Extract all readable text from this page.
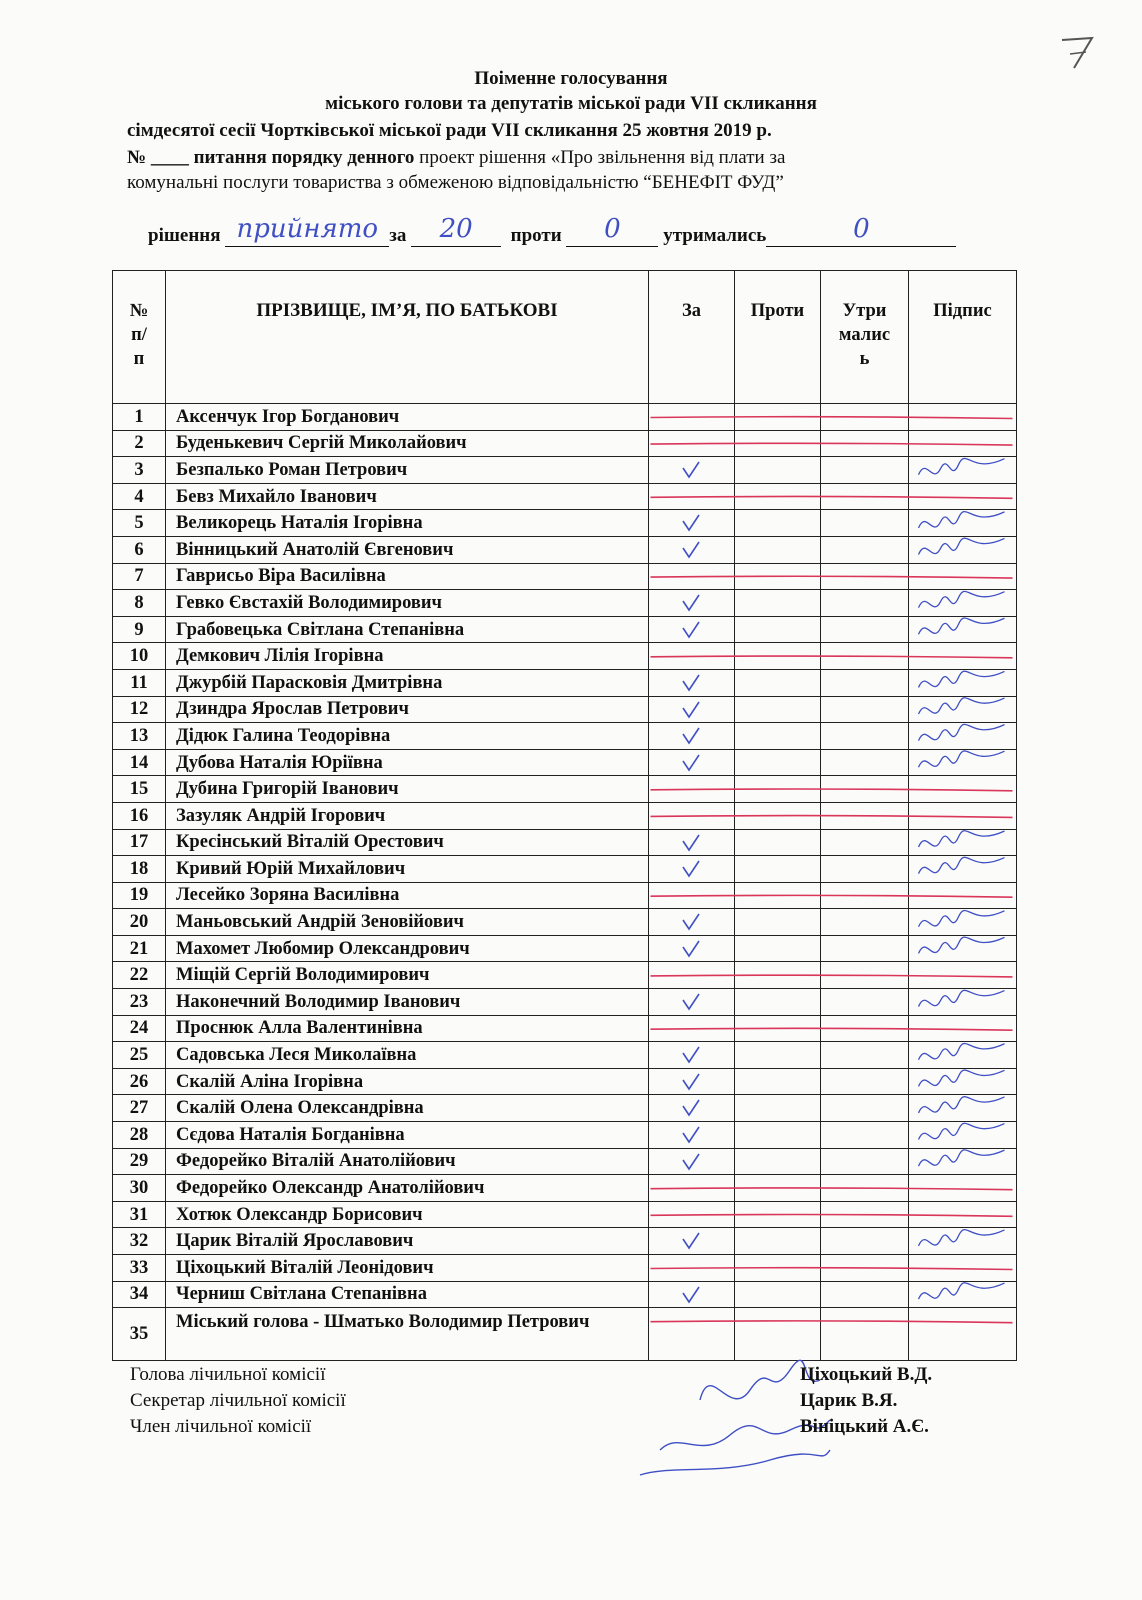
Поіменне голосування
міського голови та депутатів міської ради VII скликання
сімдесятої сесії Чортківської міської ради VII скликання 25 жовтня 2019 р.
№ ____ питання порядку денного проект рішення «Про звільнення від плати за
комунальні послуги товариства з обмеженою відповідальністю “БЕНЕФІТ ФУД”
рішення прийнято за	20	проти	0	утримались	0
№ п/п	ПРІЗВИЩЕ, ІМ’Я, ПО БАТЬКОВІ	За	Проти	Утри малис ь	Підпис
1	Аксенчук Ігор Богданович				
2	Буденькевич Сергій Миколайович				
3	Безпалько Роман Петрович	

4	Бевз Михайло Іванович				
5	Великорець Наталія Ігорівна	

6	Вінницький Анатолій Євгенович	

7	Гаврисьо Віра Василівна				
8	Гевко Євстахій Володимирович	

9	Грабовецька Світлана Степанівна	

10	Демкович Лілія Ігорівна				
11	Джурбій Парасковія Дмитрівна	

12	Дзиндра Ярослав Петрович	

13	Дідюк Галина Теодорівна	

14	Дубова Наталія Юріївна	

15	Дубина Григорій Іванович				
16	Зазуляк Андрій Ігорович				
17	Кресінський Віталій Орестович	

18	Кривий Юрій Михайлович	

19	Лесейко Зоряна Василівна				
20	Маньовський Андрій Зеновійович	

21	Махомет Любомир Олександрович	

22	Міщій Сергій Володимирович				
23	Наконечний Володимир Іванович	

24	Проснюк Алла Валентинівна				
25	Садовська Леся Миколаївна	

26	Скалій Аліна Ігорівна	

27	Скалій Олена Олександрівна	

28	Сєдова Наталія Богданівна	

29	Федорейко Віталій Анатолійович	

30	Федорейко Олександр Анатолійович				
31	Хотюк Олександр Борисович				
32	Царик Віталій Ярославович	

33	Ціхоцький Віталій Леонідович				
34	Черниш Світлана Степанівна	

35	Міський голова - Шматько Володимир Петрович				
Голова лічильної комісії
Секретар лічильної комісії
Член лічильної комісії
Ціхоцький В.Д.
Царик В.Я.
Вініцький А.Є.
